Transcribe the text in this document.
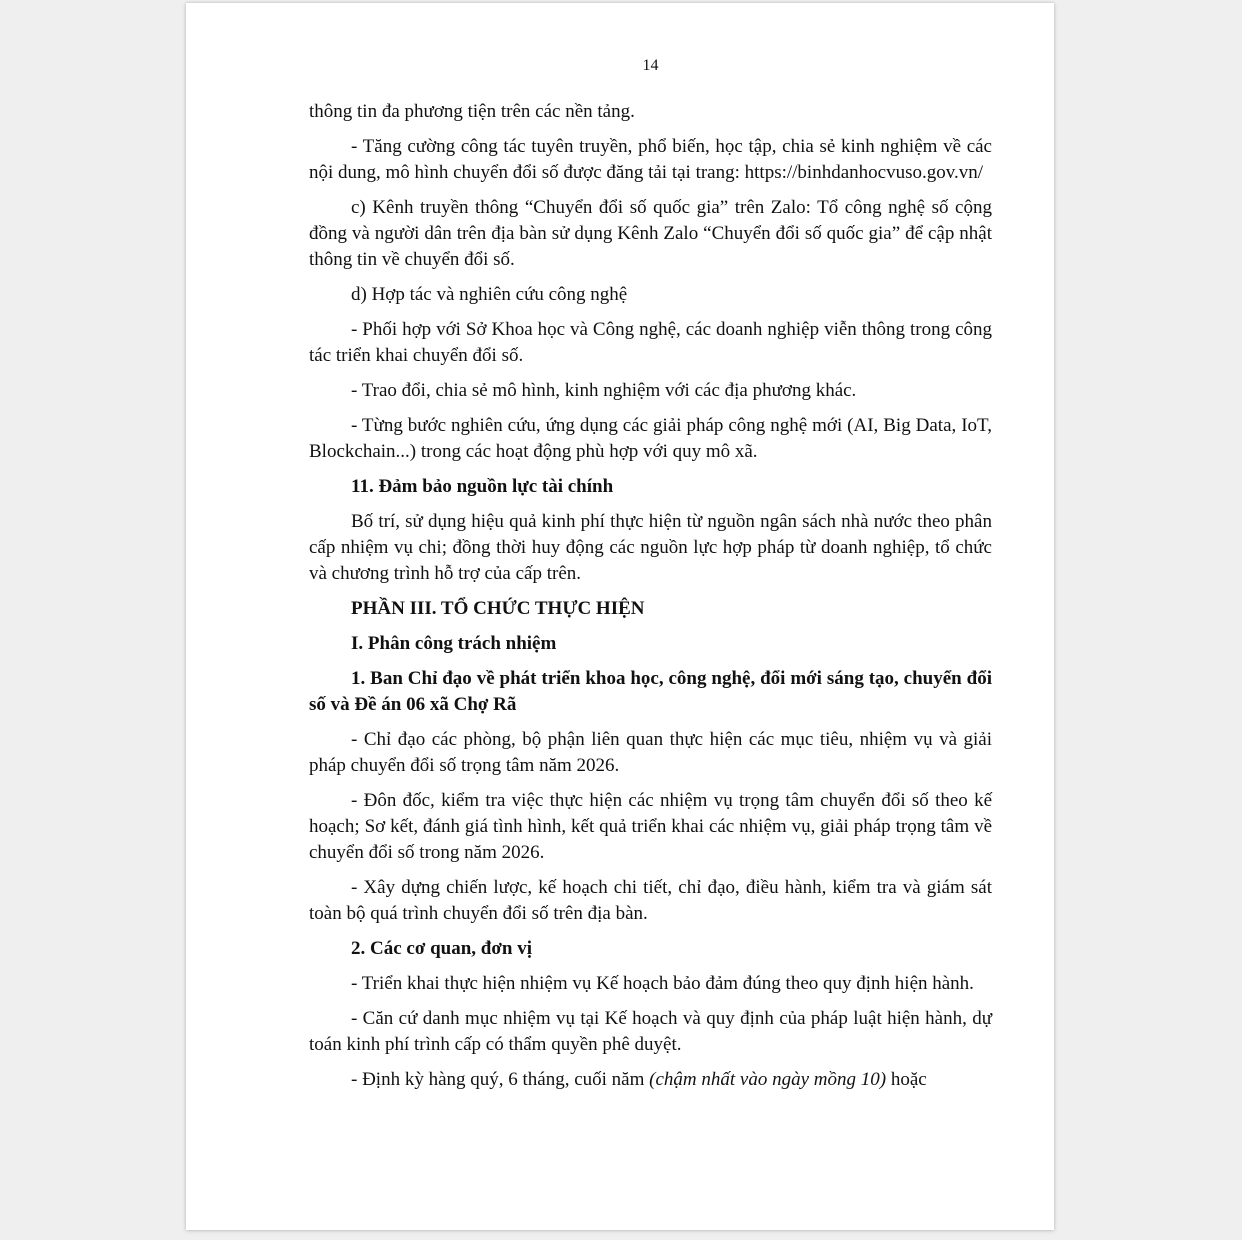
14

thông tin đa phương tiện trên các nền tảng.

- Tăng cường công tác tuyên truyền, phổ biến, học tập, chia sẻ kinh nghiệm về các nội dung, mô hình chuyển đổi số được đăng tải tại trang: https://binhdanhocvuso.gov.vn/

c) Kênh truyền thông “Chuyển đổi số quốc gia” trên Zalo: Tổ công nghệ số cộng đồng và người dân trên địa bàn sử dụng Kênh Zalo “Chuyển đổi số quốc gia” để cập nhật thông tin về chuyển đổi số.

d) Hợp tác và nghiên cứu công nghệ

- Phối hợp với Sở Khoa học và Công nghệ, các doanh nghiệp viễn thông trong công tác triển khai chuyển đổi số.

- Trao đổi, chia sẻ mô hình, kinh nghiệm với các địa phương khác.

- Từng bước nghiên cứu, ứng dụng các giải pháp công nghệ mới (AI, Big Data, IoT, Blockchain...) trong các hoạt động phù hợp với quy mô xã.

11. Đảm bảo nguồn lực tài chính

Bố trí, sử dụng hiệu quả kinh phí thực hiện từ nguồn ngân sách nhà nước theo phân cấp nhiệm vụ chi; đồng thời huy động các nguồn lực hợp pháp từ doanh nghiệp, tổ chức và chương trình hỗ trợ của cấp trên.

PHẦN III. TỔ CHỨC THỰC HIỆN

I. Phân công trách nhiệm

1. Ban Chỉ đạo về phát triển khoa học, công nghệ, đổi mới sáng tạo, chuyển đổi số và Đề án 06 xã Chợ Rã

- Chỉ đạo các phòng, bộ phận liên quan thực hiện các mục tiêu, nhiệm vụ và giải pháp chuyển đổi số trọng tâm năm 2026.

- Đôn đốc, kiểm tra việc thực hiện các nhiệm vụ trọng tâm chuyển đổi số theo kế hoạch; Sơ kết, đánh giá tình hình, kết quả triển khai các nhiệm vụ, giải pháp trọng tâm về chuyển đổi số trong năm 2026.

- Xây dựng chiến lược, kế hoạch chi tiết, chỉ đạo, điều hành, kiểm tra và giám sát toàn bộ quá trình chuyển đổi số trên địa bàn.

2. Các cơ quan, đơn vị

- Triển khai thực hiện nhiệm vụ Kế hoạch bảo đảm đúng theo quy định hiện hành.

- Căn cứ danh mục nhiệm vụ tại Kế hoạch và quy định của pháp luật hiện hành, dự toán kinh phí trình cấp có thẩm quyền phê duyệt.

- Định kỳ hàng quý, 6 tháng, cuối năm (chậm nhất vào ngày mồng 10) hoặc
